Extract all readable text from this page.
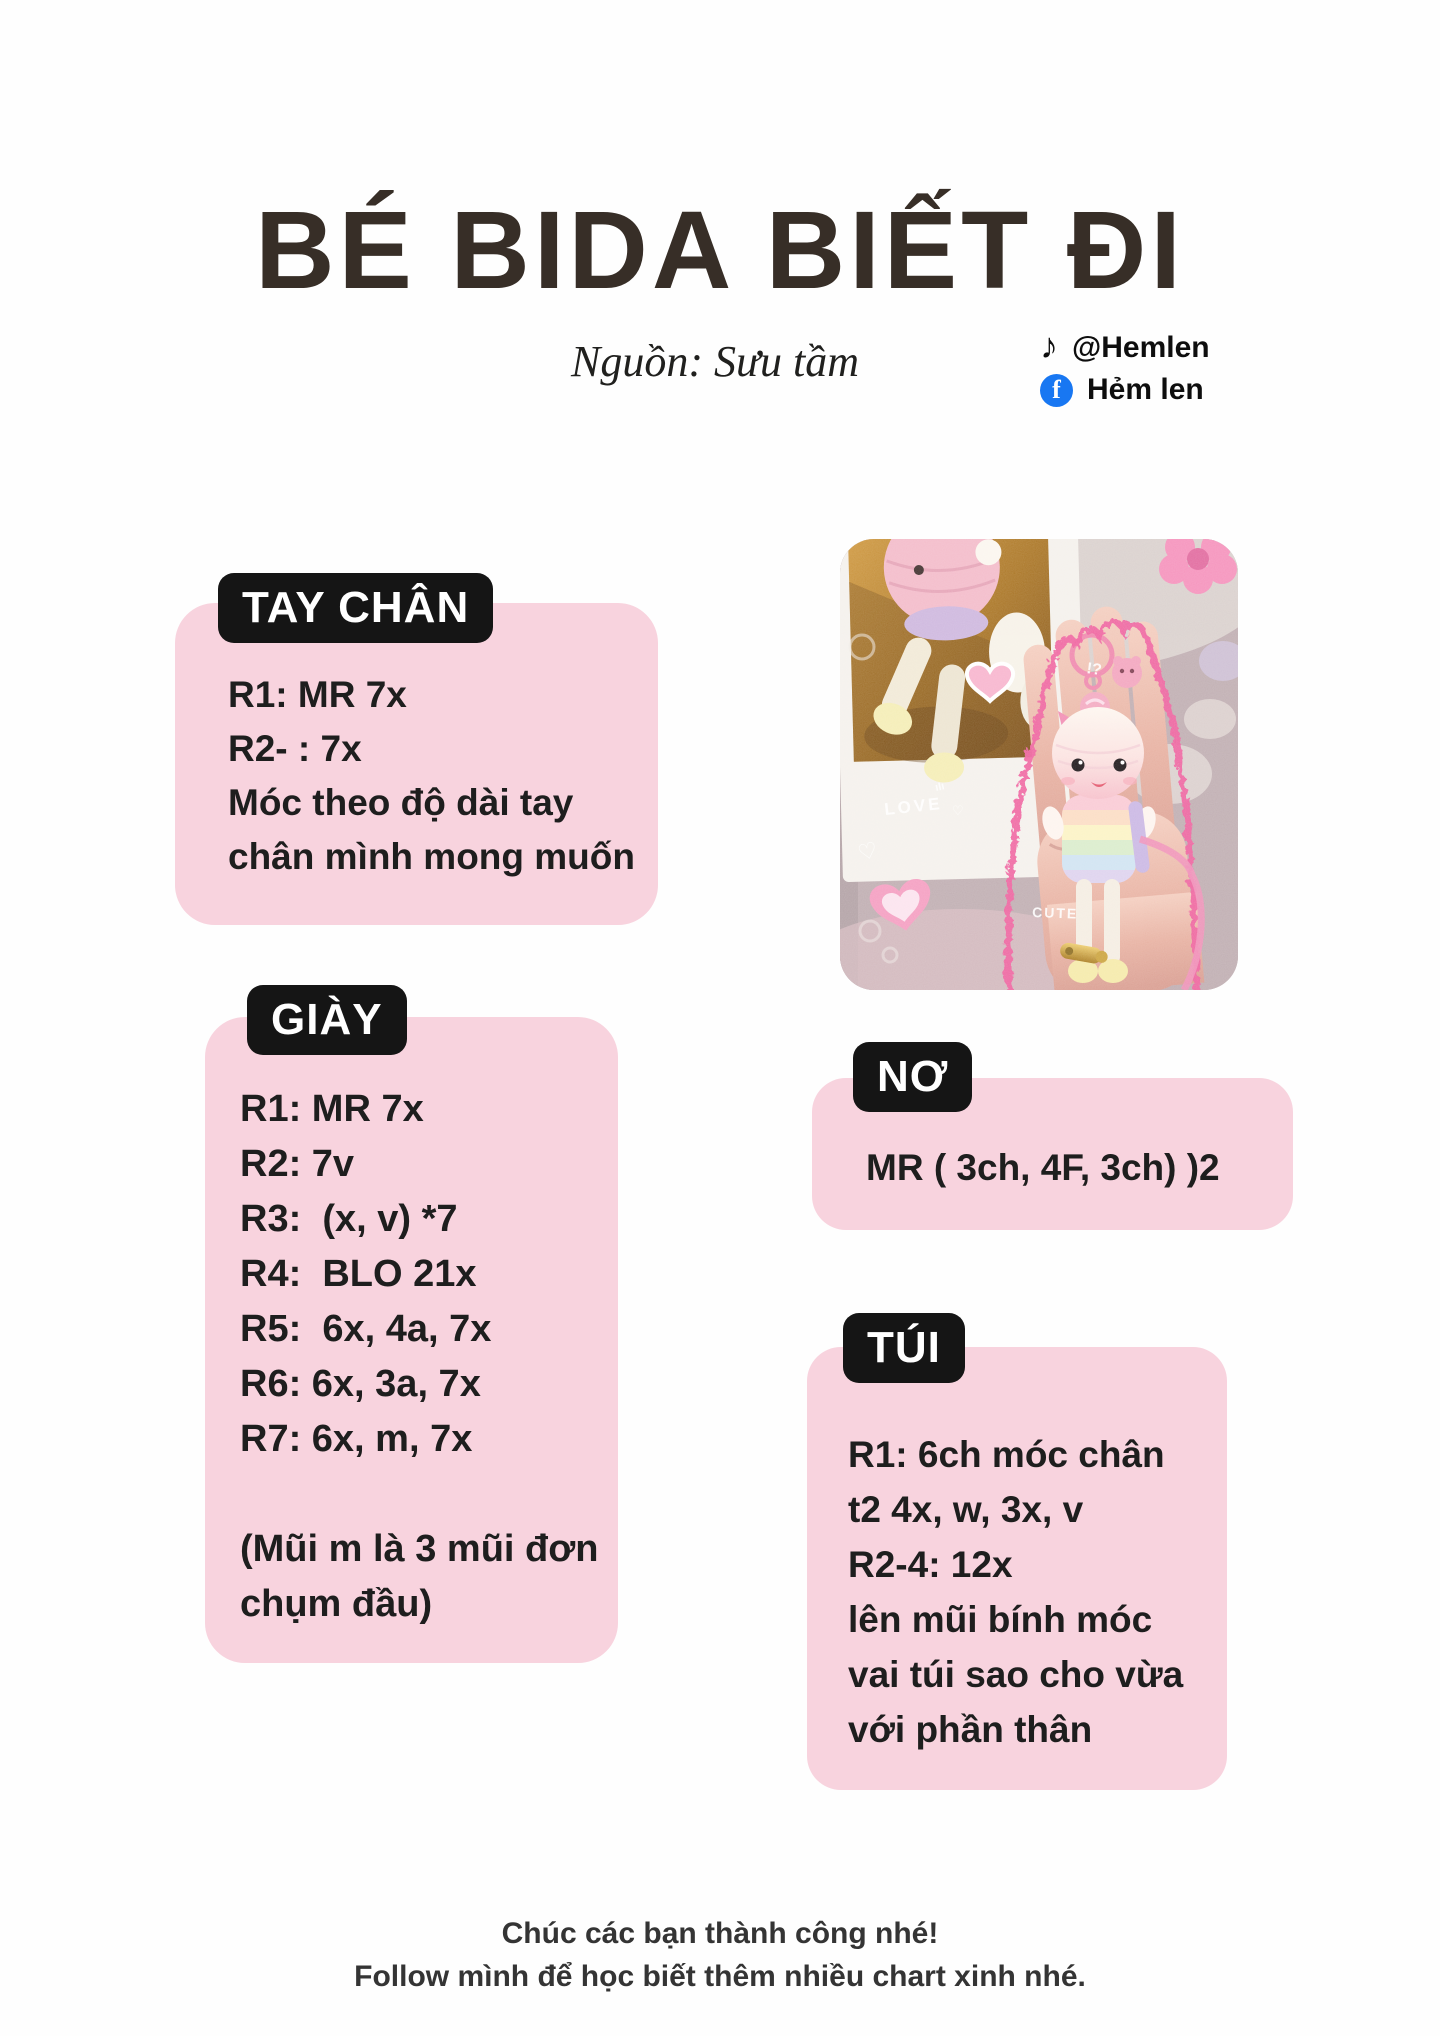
BÉ BIDA BIẾT ĐI
Nguồn: Sưu tầm	♪ @Hemlen
f Hẻm len
LOVE
ıIı
♡
♡
!?
CUTE
TAY CHÂN
R1: MR 7x
R2- : 7x
Móc theo độ dài tay
chân mình mong muốn
GIÀY
R1: MR 7x
R2: 7v
R3:  (x, v) *7
R4:  BLO 21x
R5:  6x, 4a, 7x
R6: 6x, 3a, 7x
R7: 6x, m, 7x
(Mũi m là 3 mũi đơn
chụm đầu)
NƠ
MR ( 3ch, 4F, 3ch) )2
TÚI
R1: 6ch móc chân
t2 4x, w, 3x, v
R2-4: 12x
lên mũi bính móc
vai túi sao cho vừa
với phần thân
Chúc các bạn thành công nhé!
Follow mình để học biết thêm nhiều chart xinh nhé.
